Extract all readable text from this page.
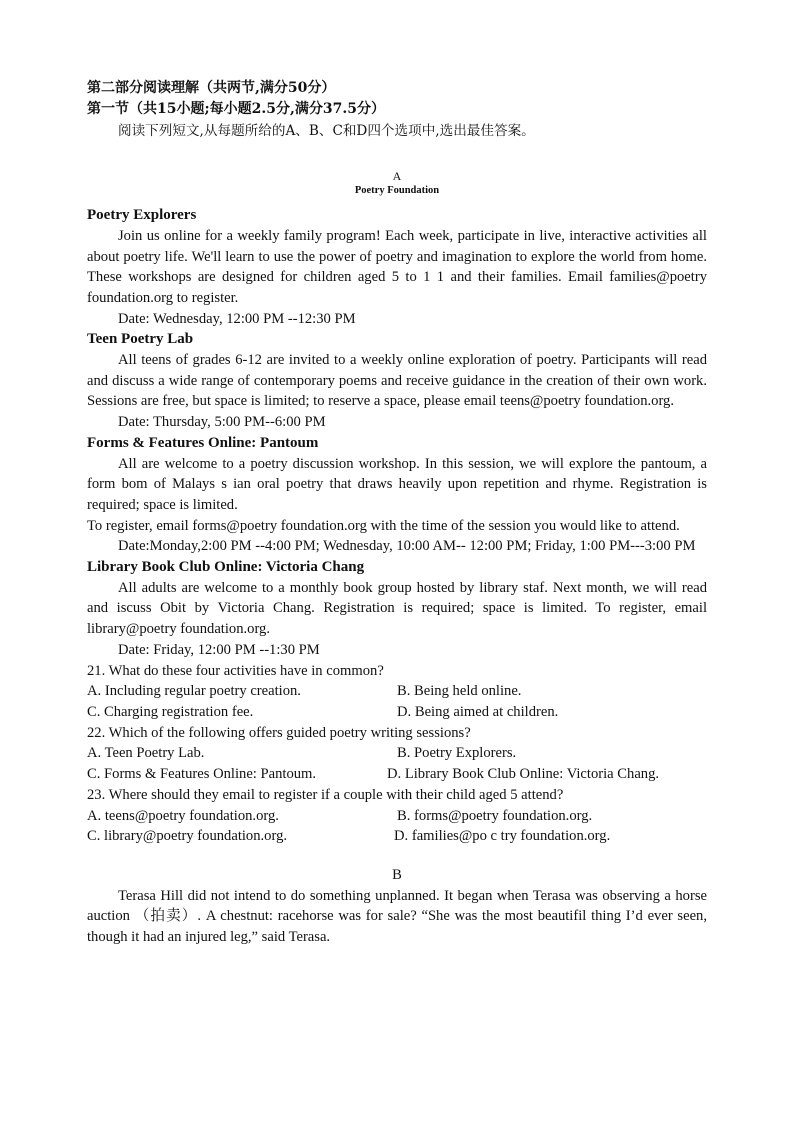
第二部分阅读理解（共两节,满分50分）
第一节（共15小题;每小题2.5分,满分37.5分）
阅读下列短文,从每题所给的A、B、C和D四个选项中,选出最佳答案。
A
Poetry Foundation
Poetry Explorers
Join us online for a weekly family program! Each week, participate in live, interactive activities all about poetry life. We'll learn to use the power of poetry and imagination to explore the world from home. These workshops are designed for children aged 5 to 1 1 and their families. Email families@poetry foundation.org to register.
Date: Wednesday, 12:00 PM --12:30 PM
Teen Poetry Lab
All teens of grades 6-12 are invited to a weekly online exploration of poetry. Participants will read and discuss a wide range of contemporary poems and receive guidance in the creation of their own work. Sessions are free, but space is limited; to reserve a space, please email teens@poetry foundation.org.
Date: Thursday, 5:00 PM--6:00 PM
Forms & Features Online: Pantoum
All are welcome to a poetry discussion workshop. In this session, we will explore the pantoum, a form bom of Malays s ian oral poetry that draws heavily upon repetition and rhyme. Registration is required; space is limited.
To register, email forms@poetry foundation.org with the time of the session you would like to attend.
Date:Monday,2:00 PM --4:00 PM; Wednesday, 10:00 AM-- 12:00 PM; Friday, 1:00 PM---3:00 PM
Library Book Club Online: Victoria Chang
All adults are welcome to a monthly book group hosted by library staf. Next month, we will read and iscuss Obit by Victoria Chang. Registration is required; space is limited. To register, email library@poetry foundation.org.
Date: Friday, 12:00 PM --1:30 PM
21. What do these four activities have in common?
A. Including regular poetry creation.	B. Being held online.
C. Charging registration fee.	D. Being aimed at children.
22. Which of the following offers guided poetry writing sessions?
A. Teen Poetry Lab.	B. Poetry Explorers.
C. Forms & Features Online: Pantoum.	D. Library Book Club Online: Victoria Chang.
23. Where should they email to register if a couple with their child aged 5 attend?
A. teens@poetry foundation.org.	B. forms@poetry foundation.org.
C. library@poetry foundation.org.	D. families@po c try foundation.org.
B
Terasa Hill did not intend to do something unplanned. It began when Terasa was observing a horse auction （拍卖）. A chestnut: racehorse was for sale? “She was the most beautifil thing I’d ever seen, though it had an injured leg,” said Terasa.
